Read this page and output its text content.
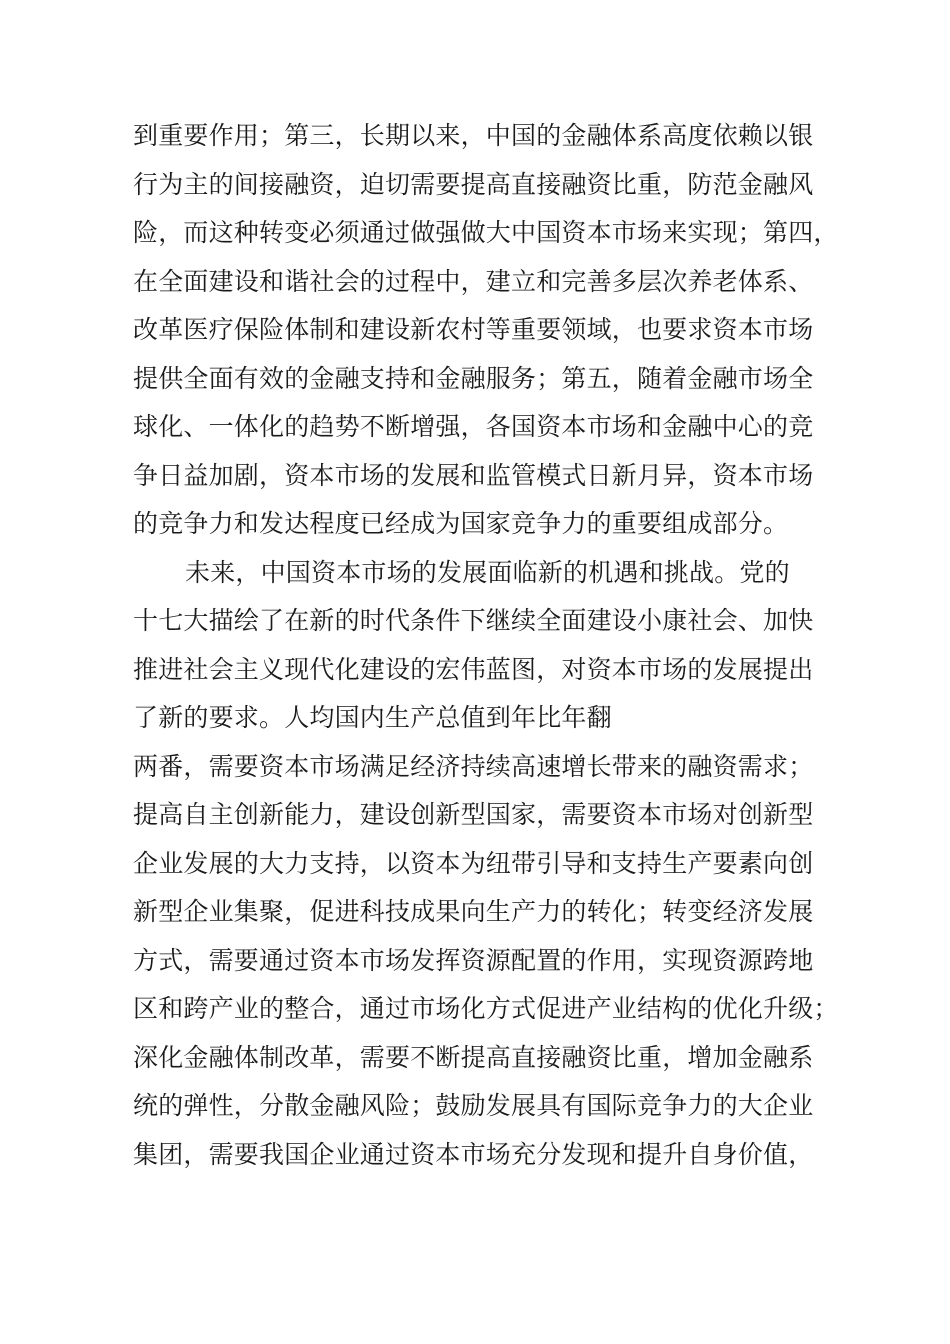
到重要作用；第三，长期以来，中国的金融体系高度依赖以银
行为主的间接融资，迫切需要提高直接融资比重，防范金融风
险，而这种转变必须通过做强做大中国资本市场来实现；第四，
在全面建设和谐社会的过程中，建立和完善多层次养老体系、
改革医疗保险体制和建设新农村等重要领域，也要求资本市场
提供全面有效的金融支持和金融服务；第五，随着金融市场全
球化、一体化的趋势不断增强，各国资本市场和金融中心的竞
争日益加剧，资本市场的发展和监管模式日新月异，资本市场
的竞争力和发达程度已经成为国家竞争力的重要组成部分。
未来，中国资本市场的发展面临新的机遇和挑战。党的
十七大描绘了在新的时代条件下继续全面建设小康社会、加快
推进社会主义现代化建设的宏伟蓝图，对资本市场的发展提出
了新的要求。人均国内生产总值到年比年翻
两番，需要资本市场满足经济持续高速增长带来的融资需求；
提高自主创新能力，建设创新型国家，需要资本市场对创新型
企业发展的大力支持，以资本为纽带引导和支持生产要素向创
新型企业集聚，促进科技成果向生产力的转化；转变经济发展
方式，需要通过资本市场发挥资源配置的作用，实现资源跨地
区和跨产业的整合，通过市场化方式促进产业结构的优化升级；
深化金融体制改革，需要不断提高直接融资比重，增加金融系
统的弹性，分散金融风险；鼓励发展具有国际竞争力的大企业
集团，需要我国企业通过资本市场充分发现和提升自身价值，
